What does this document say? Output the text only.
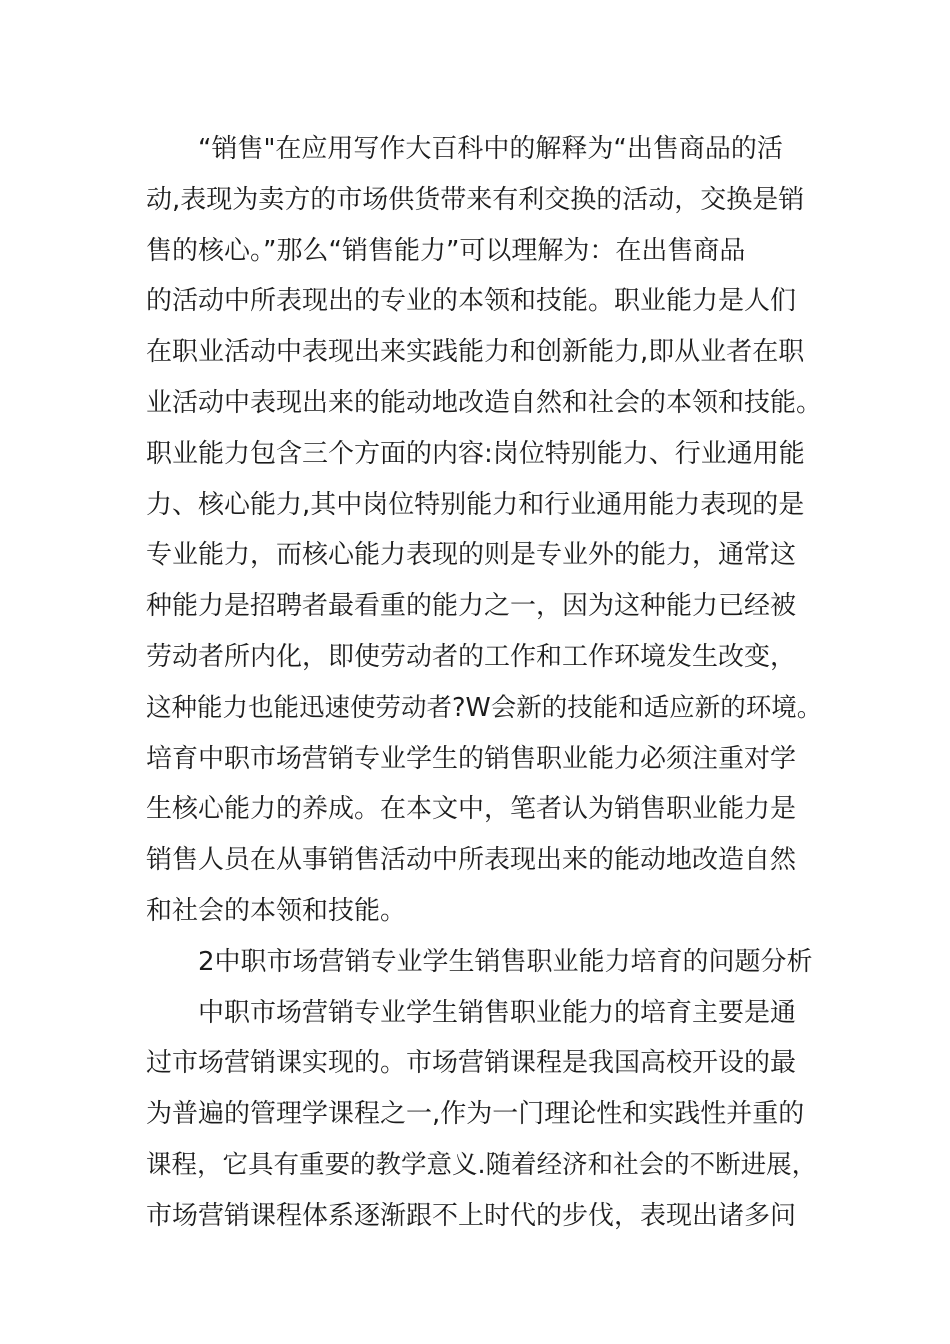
“销售"在应用写作大百科中的解释为“出售商品的活
动,表现为卖方的市场供货带来有利交换的活动，交换是销
售的核心。”那么“销售能力”可以理解为：在出售商品
的活动中所表现出的专业的本领和技能。职业能力是人们
在职业活动中表现出来实践能力和创新能力,即从业者在职
业活动中表现出来的能动地改造自然和社会的本领和技能。
职业能力包含三个方面的内容:岗位特别能力、行业通用能
力、核心能力,其中岗位特别能力和行业通用能力表现的是
专业能力，而核心能力表现的则是专业外的能力，通常这
种能力是招聘者最看重的能力之一，因为这种能力已经被
劳动者所内化，即使劳动者的工作和工作环境发生改变，
这种能力也能迅速使劳动者?W会新的技能和适应新的环境。
培育中职市场营销专业学生的销售职业能力必须注重对学
生核心能力的养成。在本文中，笔者认为销售职业能力是
销售人员在从事销售活动中所表现出来的能动地改造自然
和社会的本领和技能。
2中职市场营销专业学生销售职业能力培育的问题分析
中职市场营销专业学生销售职业能力的培育主要是通
过市场营销课实现的。市场营销课程是我国高校开设的最
为普遍的管理学课程之一,作为一门理论性和实践性并重的
课程，它具有重要的教学意义.随着经济和社会的不断进展，
市场营销课程体系逐渐跟不上时代的步伐，表现出诸多问
